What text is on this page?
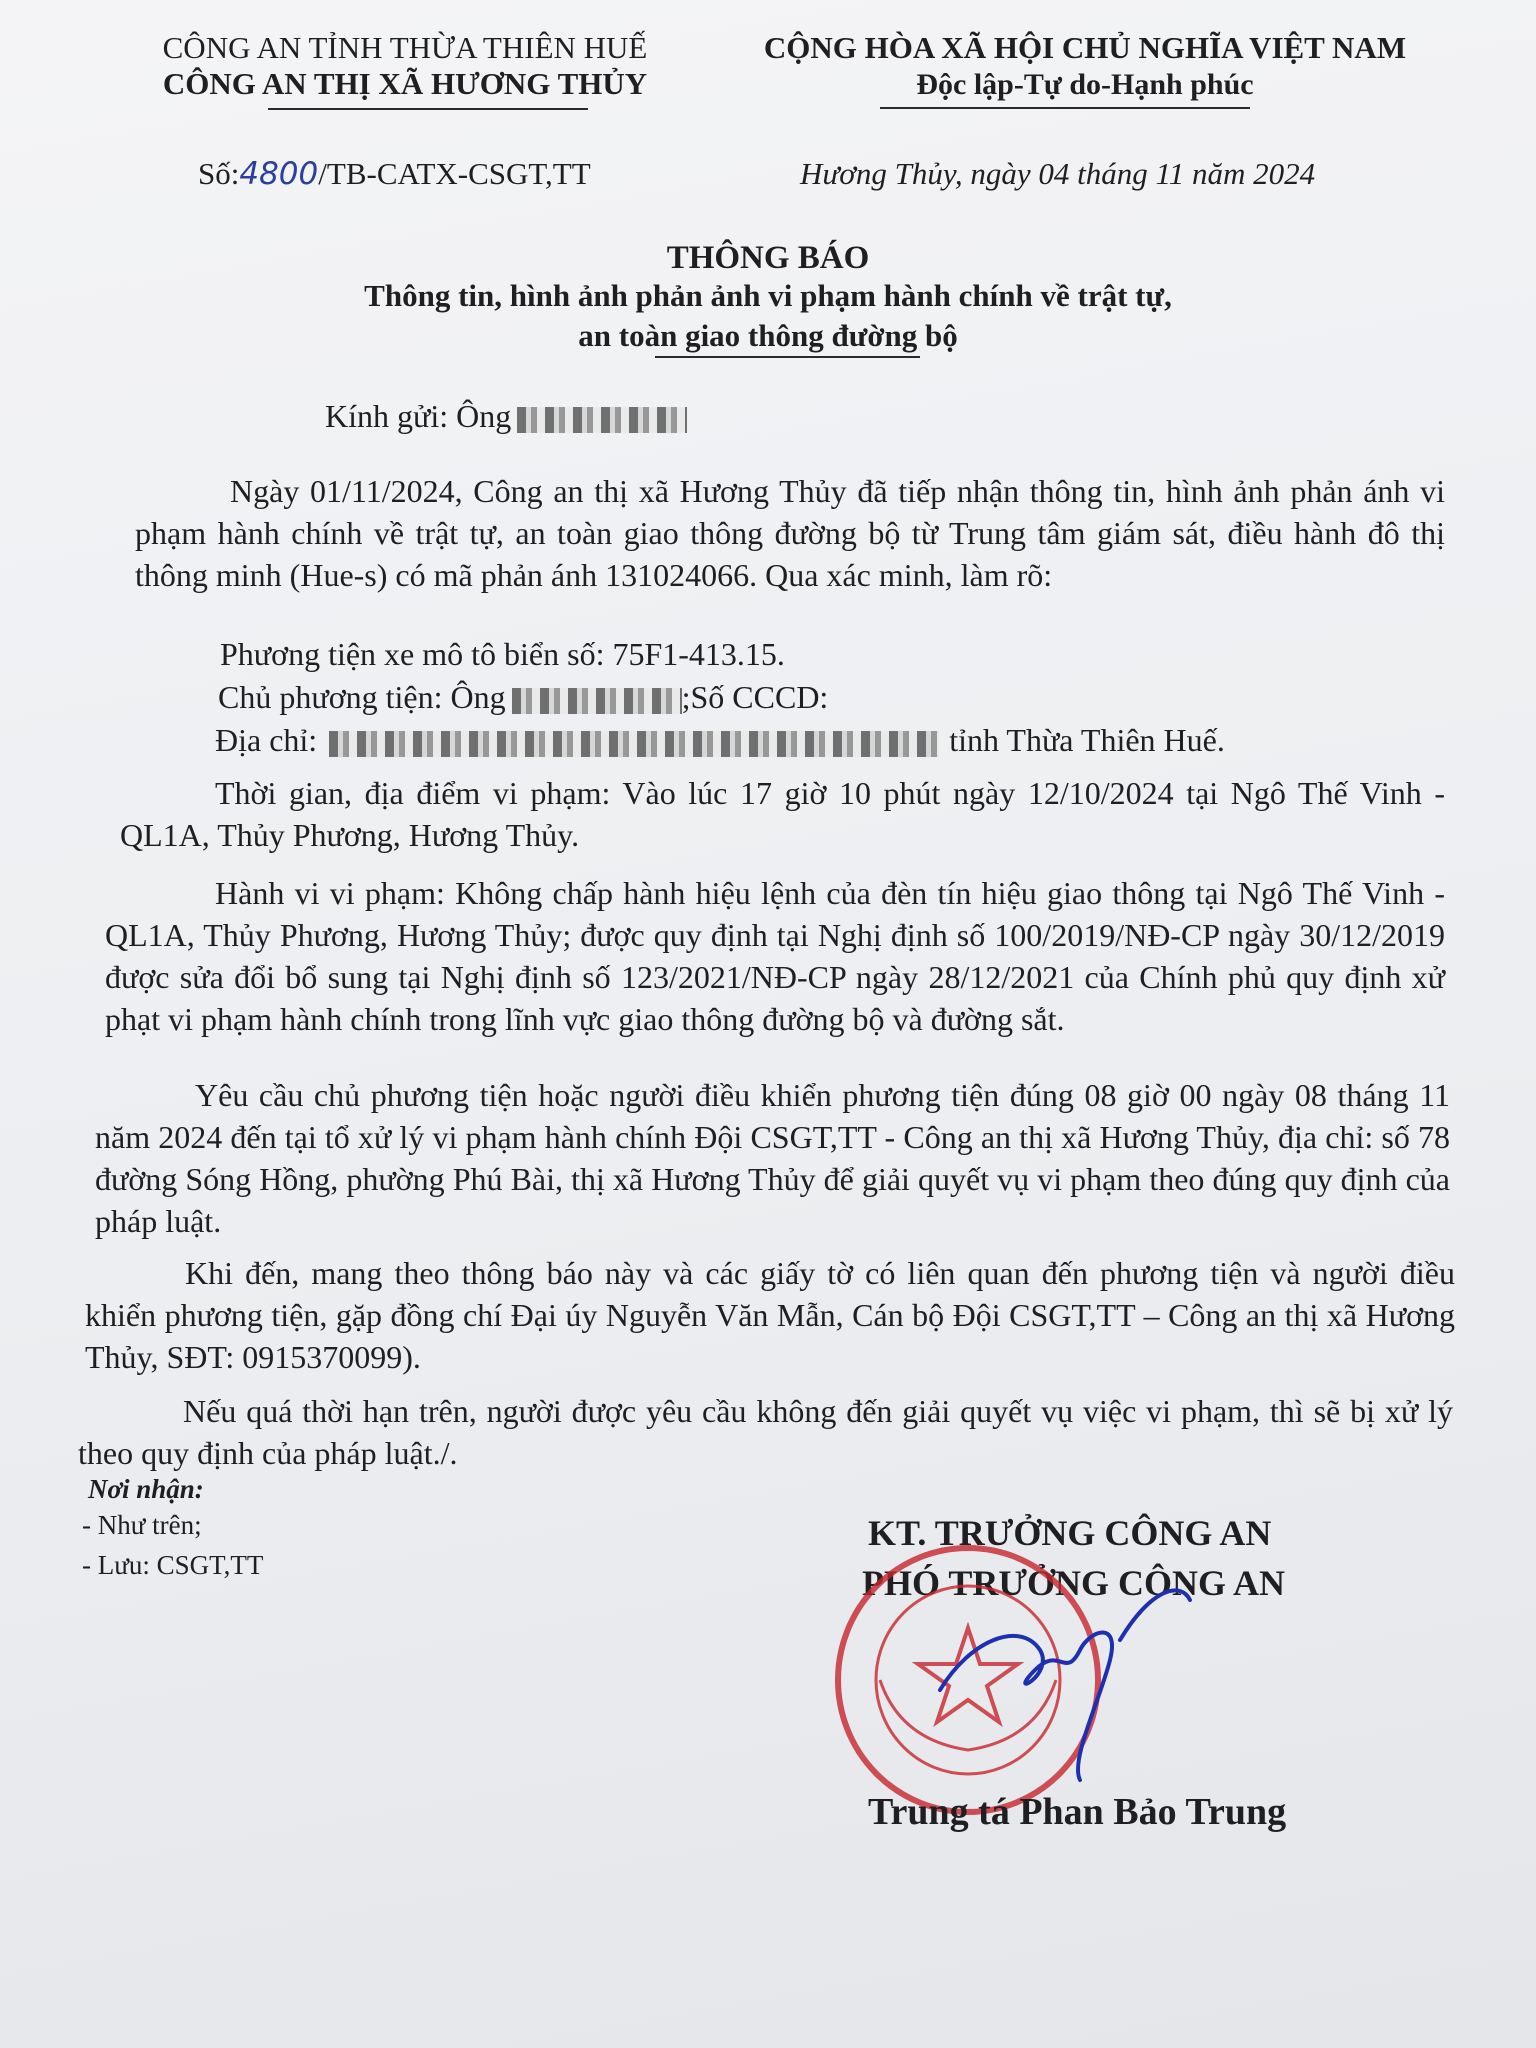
CÔNG AN TỈNH THỪA THIÊN HUẾ
CÔNG AN THỊ XÃ HƯƠNG THỦY
CỘNG HÒA XÃ HỘI CHỦ NGHĨA VIỆT NAM
Độc lập-Tự do-Hạnh phúc
Số:4800/TB-CATX-CSGT,TT	Hương Thủy, ngày 04 tháng 11 năm 2024
THÔNG BÁO
Thông tin, hình ảnh phản ảnh vi phạm hành chính về trật tự,
an toàn giao thông đường bộ
Kính gửi: Ông
Ngày 01/11/2024, Công an thị xã Hương Thủy đã tiếp nhận thông tin, hình ảnh phản ánh vi phạm hành chính về trật tự, an toàn giao thông đường bộ từ Trung tâm giám sát, điều hành đô thị thông minh (Hue-s) có mã phản ánh 131024066. Qua xác minh, làm rõ:
Phương tiện xe mô tô biển số: 75F1-413.15.
Chủ phương tiện: Ông	;Số CCCD:
Địa chỉ:	tỉnh Thừa Thiên Huế.
Thời gian, địa điểm vi phạm: Vào lúc 17 giờ 10 phút ngày 12/10/2024 tại Ngô Thế Vinh - QL1A, Thủy Phương, Hương Thủy.
Hành vi vi phạm: Không chấp hành hiệu lệnh của đèn tín hiệu giao thông tại Ngô Thế Vinh - QL1A, Thủy Phương, Hương Thủy; được quy định tại Nghị định số 100/2019/NĐ-CP ngày 30/12/2019 được sửa đổi bổ sung tại Nghị định số 123/2021/NĐ-CP ngày 28/12/2021 của Chính phủ quy định xử phạt vi phạm hành chính trong lĩnh vực giao thông đường bộ và đường sắt.
Yêu cầu chủ phương tiện hoặc người điều khiển phương tiện đúng 08 giờ 00 ngày 08 tháng 11 năm 2024 đến tại tổ xử lý vi phạm hành chính Đội CSGT,TT - Công an thị xã Hương Thủy, địa chỉ: số 78 đường Sóng Hồng, phường Phú Bài, thị xã Hương Thủy để giải quyết vụ vi phạm theo đúng quy định của pháp luật.
Khi đến, mang theo thông báo này và các giấy tờ có liên quan đến phương tiện và người điều khiển phương tiện, gặp đồng chí Đại úy Nguyễn Văn Mẫn, Cán bộ Đội CSGT,TT – Công an thị xã Hương Thủy, SĐT: 0915370099).
Nếu quá thời hạn trên, người được yêu cầu không đến giải quyết vụ việc vi phạm, thì sẽ bị xử lý theo quy định của pháp luật./.
Nơi nhận:
- Như trên;
- Lưu: CSGT,TT
KT. TRƯỞNG CÔNG AN
PHÓ TRƯỞNG CÔNG AN
Trung tá Phan Bảo Trung
